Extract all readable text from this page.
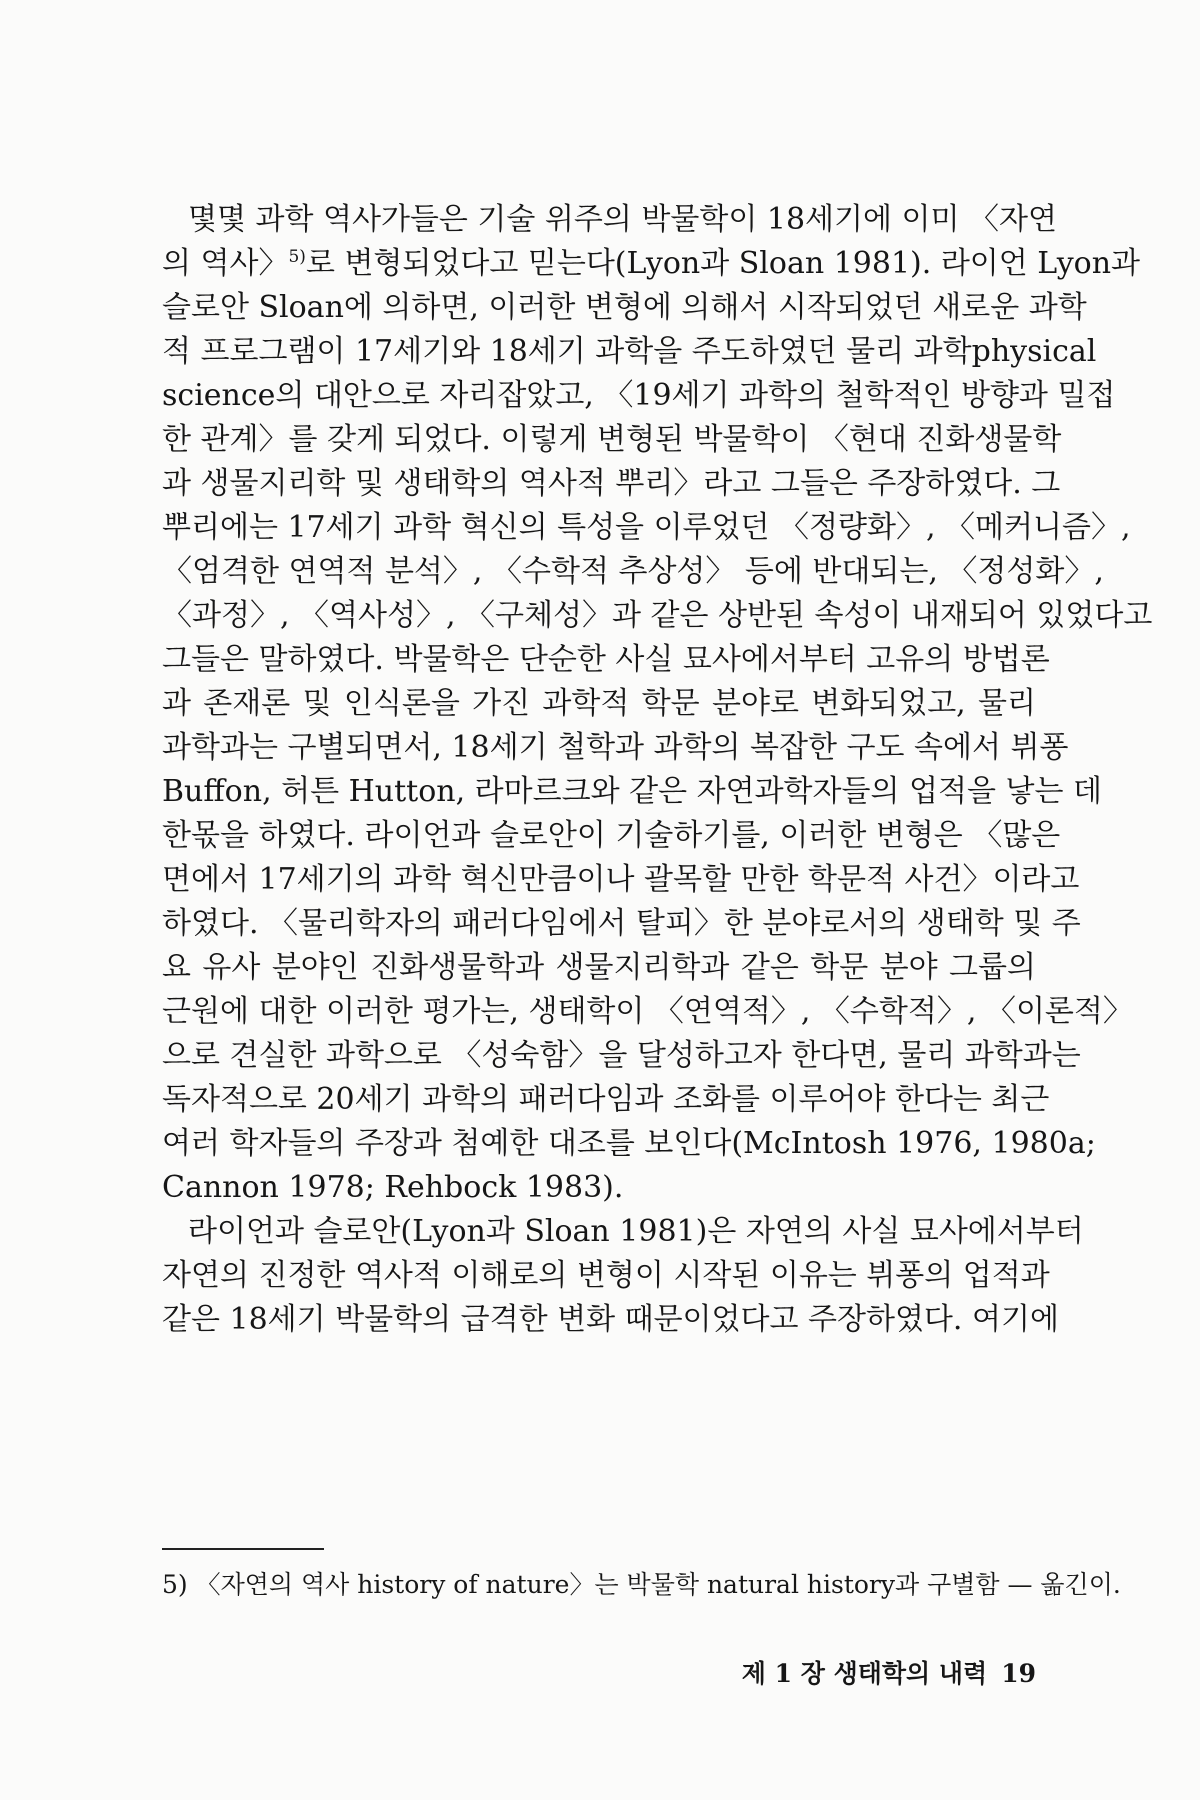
몇몇 과학 역사가들은 기술 위주의 박물학이 18세기에 이미 〈자연
의 역사〉$^{5)}$로 변형되었다고 믿는다(Lyon과 Sloan 1981). 라이언 Lyon과
슬로안 Sloan에 의하면, 이러한 변형에 의해서 시작되었던 새로운 과학
적 프로그램이 17세기와 18세기 과학을 주도하였던 물리 과학physical
science의 대안으로 자리잡았고, 〈19세기 과학의 철학적인 방향과 밀접
한 관계〉를 갖게 되었다. 이렇게 변형된 박물학이 〈현대 진화생물학
과 생물지리학 및 생태학의 역사적 뿌리〉라고 그들은 주장하였다. 그
뿌리에는 17세기 과학 혁신의 특성을 이루었던 〈정량화〉, 〈메커니즘〉,
〈엄격한 연역적 분석〉, 〈수학적 추상성〉 등에 반대되는, 〈정성화〉,
〈과정〉, 〈역사성〉, 〈구체성〉과 같은 상반된 속성이 내재되어 있었다고
그들은 말하였다. 박물학은 단순한 사실 묘사에서부터 고유의 방법론
과 존재론 및 인식론을 가진 과학적 학문 분야로 변화되었고, 물리
과학과는 구별되면서, 18세기 철학과 과학의 복잡한 구도 속에서 뷔퐁
Buffon, 허튼 Hutton, 라마르크와 같은 자연과학자들의 업적을 낳는 데
한몫을 하였다. 라이언과 슬로안이 기술하기를, 이러한 변형은 〈많은
면에서 17세기의 과학 혁신만큼이나 괄목할 만한 학문적 사건〉이라고
하였다. 〈물리학자의 패러다임에서 탈피〉한 분야로서의 생태학 및 주
요 유사 분야인 진화생물학과 생물지리학과 같은 학문 분야 그룹의
근원에 대한 이러한 평가는, 생태학이 〈연역적〉, 〈수학적〉, 〈이론적〉
으로 견실한 과학으로 〈성숙함〉을 달성하고자 한다면, 물리 과학과는
독자적으로 20세기 과학의 패러다임과 조화를 이루어야 한다는 최근
여러 학자들의 주장과 첨예한 대조를 보인다(McIntosh 1976, 1980a;
Cannon 1978; Rehbock 1983).
라이언과 슬로안(Lyon과 Sloan 1981)은 자연의 사실 묘사에서부터
자연의 진정한 역사적 이해로의 변형이 시작된 이유는 뷔퐁의 업적과
같은 18세기 박물학의 급격한 변화 때문이었다고 주장하였다. 여기에
5) 〈자연의 역사 history of nature〉는 박물학 natural history과 구별함 — 옮긴이.
제 1 장 생태학의 내력 19
